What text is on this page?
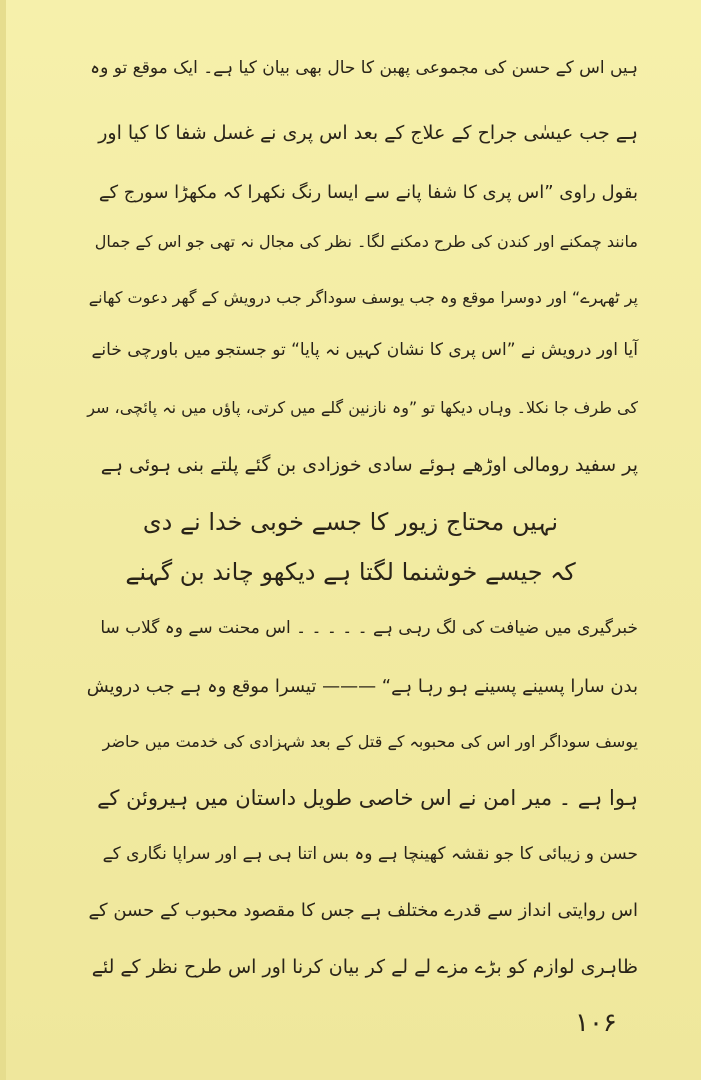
ہیں اس کے حسن کی مجموعی پھبن کا حال بھی بیان کیا ہے۔ ایک موقع تو وہ
ہے جب عیسٰی جراح کے علاج کے بعد اس پری نے غسل شفا کا کیا اور
بقول راوی ”اس پری کا شفا پانے سے ایسا رنگ نکھرا کہ مکھڑا سورج کے
مانند چمکنے اور کندن کی طرح دمکنے لگا۔ نظر کی مجال نہ تھی جو اس کے جمال
پر ٹھہرے“ اور دوسرا موقع وہ جب یوسف سوداگر جب درویش کے گھر دعوت کھانے
آیا اور درویش نے ”اس پری کا نشان کہیں نہ پایا“ تو جستجو میں باورچی خانے
کی طرف جا نکلا۔ وہاں دیکھا تو ”وہ نازنین گلے میں کرتی، پاؤں میں نہ پائچی، سر
پر سفید رومالی اوڑھے ہوئے سادی خوزادی بن گئے پلتے بنی ہوئی ہے
نہیں محتاج زیور کا جسے خوبی خدا نے دی
کہ جیسے خوشنما لگتا ہے دیکھو چاند بن گہنے
خبرگیری میں ضیافت کی لگ رہی ہے ۔ ۔ ۔ ۔ ۔ اس محنت سے وہ گلاب سا
بدن سارا پسینے پسینے ہو رہا ہے“ ——— تیسرا موقع وہ ہے جب درویش
یوسف سوداگر اور اس کی محبوبہ کے قتل کے بعد شہزادی کی خدمت میں حاضر
ہوا ہے ۔ میر امن نے اس خاصی طویل داستان میں ہیروئن کے
حسن و زیبائی کا جو نقشہ کھینچا ہے وہ بس اتنا ہی ہے اور سراپا نگاری کے
اس روایتی انداز سے قدرے مختلف ہے جس کا مقصود محبوب کے حسن کے
ظاہری لوازم کو بڑے مزے لے لے کر بیان کرنا اور اس طرح نظر کے لئے
۱۰۶
